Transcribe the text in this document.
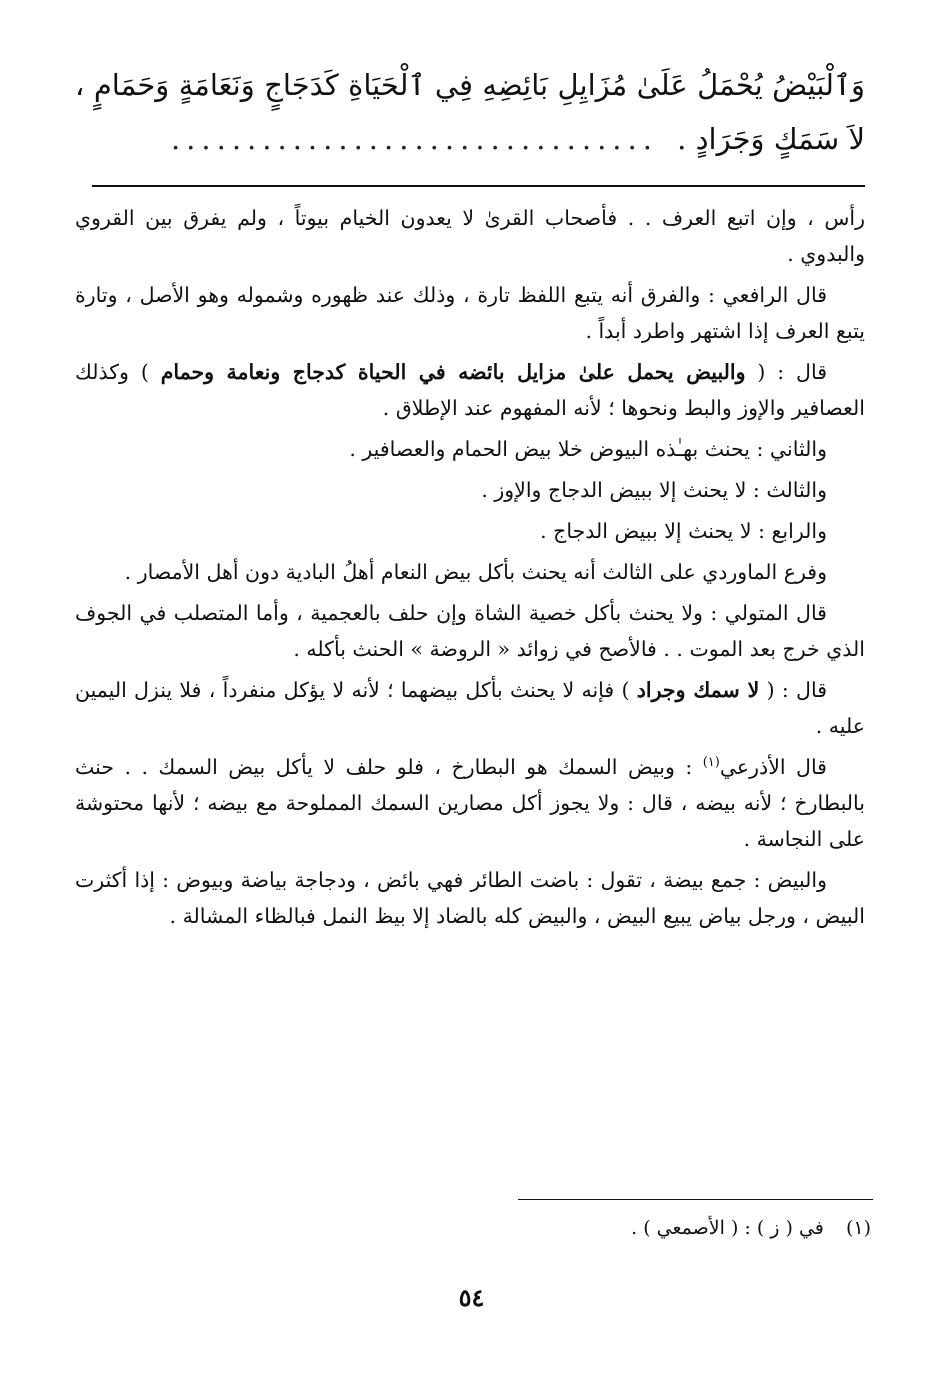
وَٱلْبَيْضُ يُحْمَلُ عَلَىٰ مُزَايِلِ بَائِضِهِ فِي ٱلْحَيَاةِ كَدَجَاجٍ وَنَعَامَةٍ وَحَمَامٍ ، لاَ سَمَكٍ وَجَرَادٍ . ................................

رأس ، وإن اتبع العرف . . فأصحاب القرىٰ لا يعدون الخيام بيوتاً ، ولم يفرق بين القروي والبدوي .

قال الرافعي : والفرق أنه يتبع اللفظ تارة ، وذلك عند ظهوره وشموله وهو الأصل ، وتارة يتبع العرف إذا اشتهر واطرد أبداً .

قال : ( والبيض يحمل علىٰ مزايل بائضه في الحياة كدجاج ونعامة وحمام ) وكذلك العصافير والإوز والبط ونحوها ؛ لأنه المفهوم عند الإطلاق .

والثاني : يحنث بهـٰذه البيوض خلا بيض الحمام والعصافير .

والثالث : لا يحنث إلا ببيض الدجاج والإوز .

والرابع : لا يحنث إلا ببيض الدجاج .

وفرع الماوردي على الثالث أنه يحنث بأكل بيض النعام أهلُ البادية دون أهل الأمصار .

قال المتولي : ولا يحنث بأكل خصية الشاة وإن حلف بالعجمية ، وأما المتصلب في الجوف الذي خرج بعد الموت . . فالأصح في زوائد « الروضة » الحنث بأكله .

قال : ( لا سمك وجراد ) فإنه لا يحنث بأكل بيضهما ؛ لأنه لا يؤكل منفرداً ، فلا ينزل اليمين عليه .

قال الأذرعي$^{(١)}$ : وبيض السمك هو البطارخ ، فلو حلف لا يأكل بيض السمك . . حنث بالبطارخ ؛ لأنه بيضه ، قال : ولا يجوز أكل مصارين السمك المملوحة مع بيضه ؛ لأنها محتوشة على النجاسة .

والبيض : جمع بيضة ، تقول : باضت الطائر فهي بائض ، ودجاجة بياضة وبيوض : إذا أكثرت البيض ، ورجل بياض يبيع البيض ، والبيض كله بالضاد إلا بيظ النمل فبالظاء المشالة .

(١) في ( ز ) : ( الأصمعي ) .
٥٤
